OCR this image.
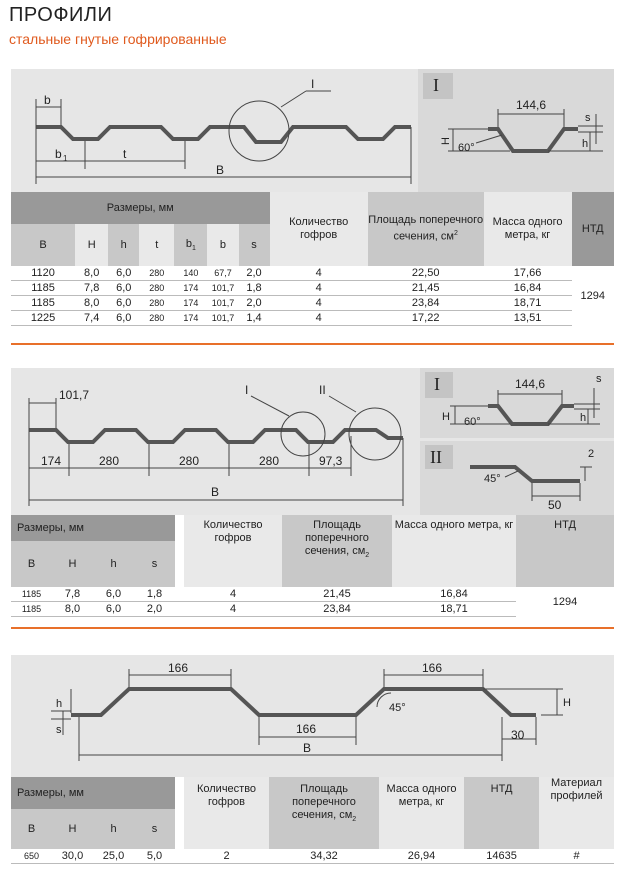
ПРОФИЛИ
стальные гнутые гофрированные
I
b
b 1	t
B
I
144,6
60°
H	h
s
Размеры, мм							Количество гофров	Площадь поперечного сечения, $см^2$	Массa одного метра, кг	НТД
B	H	h	t	$b_1$	b	s				
1120	8,0	6,0	280	140	67,7	2,0	4	22,50	17,66	1294
1185	7,8	6,0	280	174	101,7	1,8	4	21,45	16,84	
1185	8,0	6,0	280	174	101,7	2,0	4	23,84	18,71	
1225	7,4	6,0	280	174	101,7	1,4	4	17,22	13,51	
I
II
101,7
174	280	280	280	97,3
B
I	II	144,6
60°
H	h
s
45°
50
2
Размеры, мм					Количество гофров	Площадь поперечного сечения, $см_2$	Масса одного метра, кг	НТД
B	H	h	s					
1185	7,8	6,0	1,8		4	21,45	16,84	1294
1185	8,0	6,0	2,0		4	23,84	18,71	
166	166
166
45°
B
30
h
s
H
Размеры, мм					Количество гофров	Площадь поперечного сечения, $см_2$	Масса одного метра, кг	НТД	Материал профилей
B	H	h	s						
650	30,0	25,0	5,0		2	34,32	26,94	14635	#
